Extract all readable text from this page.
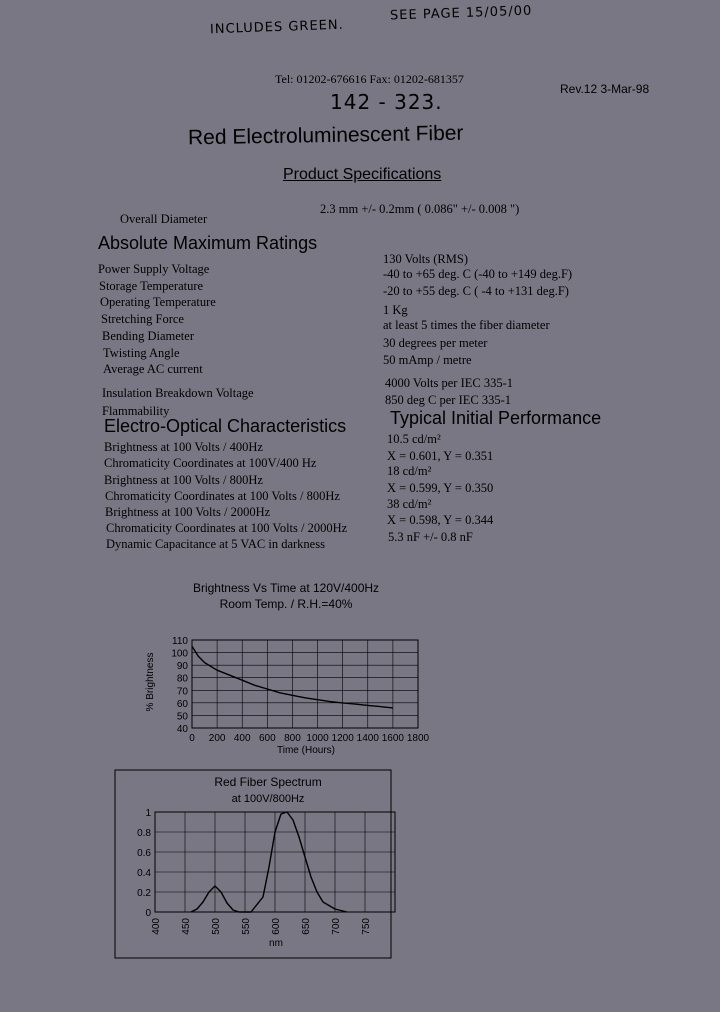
INCLUDES GREEN.
SEE PAGE 15/05/00
142 - 323.
Tel: 01202-676616 Fax: 01202-681357
Rev.12 3-Mar-98
Red Electroluminescent Fiber
Product Specifications
Overall Diameter
2.3 mm +/- 0.2mm ( 0.086" +/- 0.008 ")
Absolute Maximum Ratings
Power Supply Voltage
Storage Temperature
Operating Temperature
Stretching Force
Bending Diameter
Twisting Angle
Average AC current
Insulation Breakdown Voltage
Flammability
130 Volts (RMS)
-40 to +65 deg. C (-40 to +149 deg.F)
-20 to +55 deg. C ( -4 to +131 deg.F)
1 Kg
at least 5 times the fiber diameter
30 degrees per meter
50 mAmp / metre
4000 Volts per IEC 335-1
850 deg C per IEC 335-1
Electro-Optical Characteristics Typical Initial Performance
Brightness at 100 Volts / 400Hz
Chromaticity Coordinates at 100V/400 Hz
Brightness at 100 Volts / 800Hz
Chromaticity Coordinates at 100 Volts / 800Hz
Brightness at 100 Volts / 2000Hz
Chromaticity Coordinates at 100 Volts / 2000Hz
Dynamic Capacitance at 5 VAC in darkness
10.5 cd/m²
X = 0.601, Y = 0.351
18 cd/m²
X = 0.599, Y = 0.350
38 cd/m²
X = 0.598, Y = 0.344
5.3 nF +/- 0.8 nF
Brightness Vs Time at 120V/400Hz
Room Temp. / R.H.=40%
Time (Hours)
% Brightness
40
50
60
70
80
90
100
110
0 200 400 600 800 1000 1200 1400 1600 1800
Red Fiber Spectrum
at 100V/800Hz
nm
0
0.2
0.4
0.6
0.8
1
400 450 500 550 600 650 700 750
